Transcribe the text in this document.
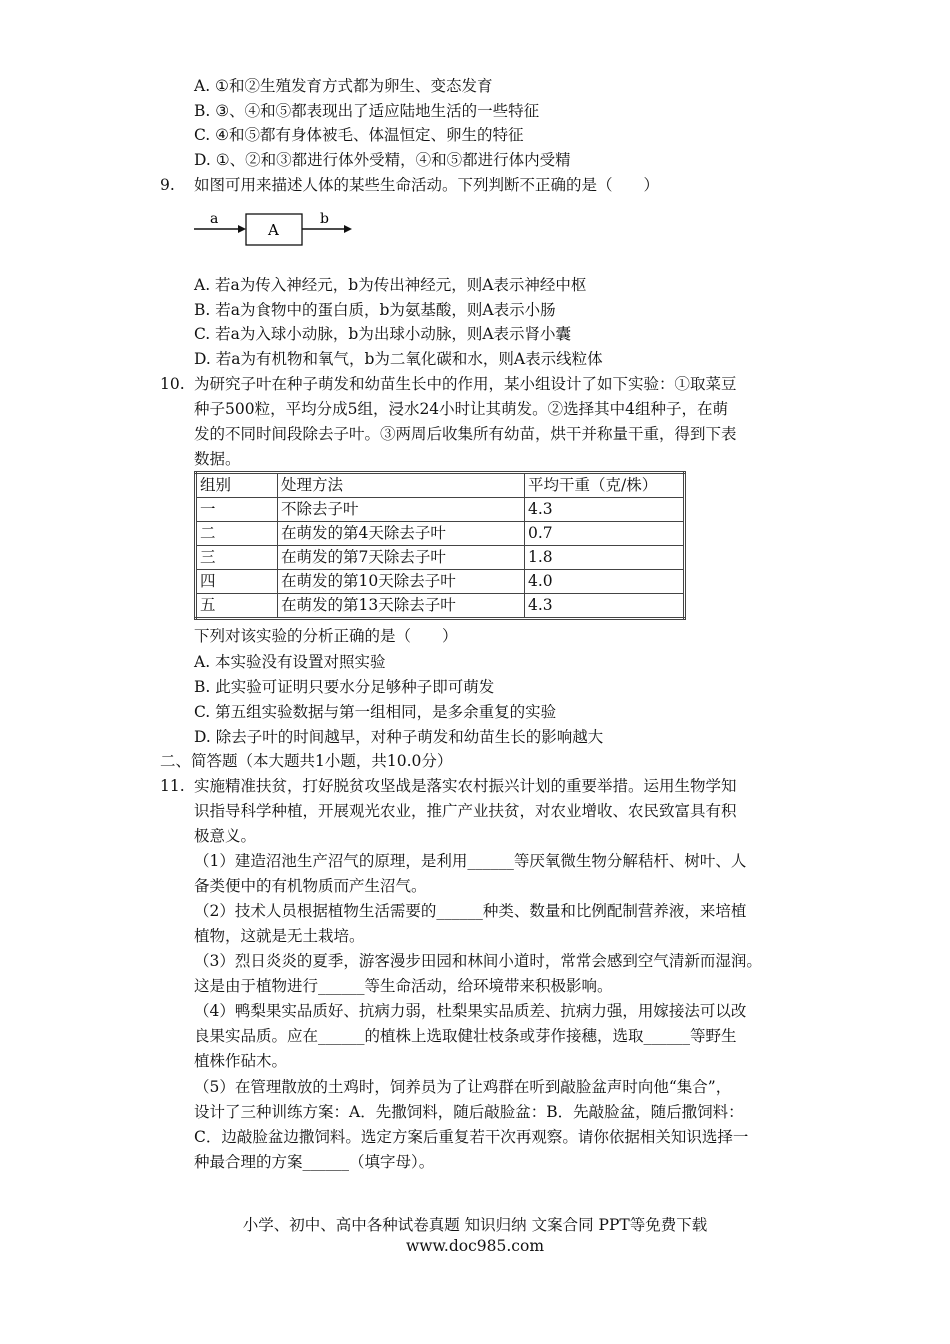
A. ①和②生殖发育方式都为卵生、变态发育
B. ③、④和⑤都表现出了适应陆地生活的一些特征
C. ④和⑤都有身体被毛、体温恒定、卵生的特征
D. ①、②和③都进行体外受精，④和⑤都进行体内受精
9. 如图可用来描述人体的某些生命活动。下列判断不正确的是（　　）
a
A
b
A. 若a为传入神经元，b为传出神经元，则A表示神经中枢
B. 若a为食物中的蛋白质，b为氨基酸，则A表示小肠
C. 若a为入球小动脉，b为出球小动脉，则A表示肾小囊
D. 若a为有机物和氧气，b为二氧化碳和水，则A表示线粒体
10. 为研究子叶在种子萌发和幼苗生长中的作用，某小组设计了如下实验：①取菜豆
种子500粒，平均分成5组，浸水24小时让其萌发。②选择其中4组种子，在萌
发的不同时间段除去子叶。③两周后收集所有幼苗，烘干并称量干重，得到下表
数据。
组别	处理方法	平均干重（克/株）
一	不除去子叶	4.3
二	在萌发的第4天除去子叶	0.7
三	在萌发的第7天除去子叶	1.8
四	在萌发的第10天除去子叶	4.0
五	在萌发的第13天除去子叶	4.3
下列对该实验的分析正确的是（　　）
A. 本实验没有设置对照实验
B. 此实验可证明只要水分足够种子即可萌发
C. 第五组实验数据与第一组相同，是多余重复的实验
D. 除去子叶的时间越早，对种子萌发和幼苗生长的影响越大
二、简答题（本大题共1小题，共10.0分）
11. 实施精准扶贫，打好脱贫攻坚战是落实农村振兴计划的重要举措。运用生物学知
识指导科学种植，开展观光农业，推广产业扶贫，对农业增收、农民致富具有积
极意义。
（1）建造沼池生产沼气的原理，是利用______等厌氧微生物分解秸杆、树叶、人
备类便中的有机物质而产生沼气。
（2）技术人员根据植物生活需要的______种类、数量和比例配制营养液，来培植
植物，这就是无土栽培。
（3）烈日炎炎的夏季，游客漫步田园和林间小道时，常常会感到空气清新而湿润。
这是由于植物进行______等生命活动，给环境带来积极影响。
（4）鸭梨果实品质好、抗病力弱，杜梨果实品质差、抗病力强，用嫁接法可以改
良果实品质。应在______的植株上选取健壮枝条或芽作接穗，选取______等野生
植株作砧木。
（5）在管理散放的土鸡时，饲养员为了让鸡群在听到敲脸盆声时向他“集合”，
设计了三种训练方案：A．先撒饲料，随后敲脸盆：B．先敲脸盆，随后撒饲料：
C．边敲脸盆边撒饲料。选定方案后重复若干次再观察。请你依据相关知识选择一
种最合理的方案______（填字母）。
小学、初中、高中各种试卷真题 知识归纳 文案合同 PPT等免费下载
www.doc985.com
